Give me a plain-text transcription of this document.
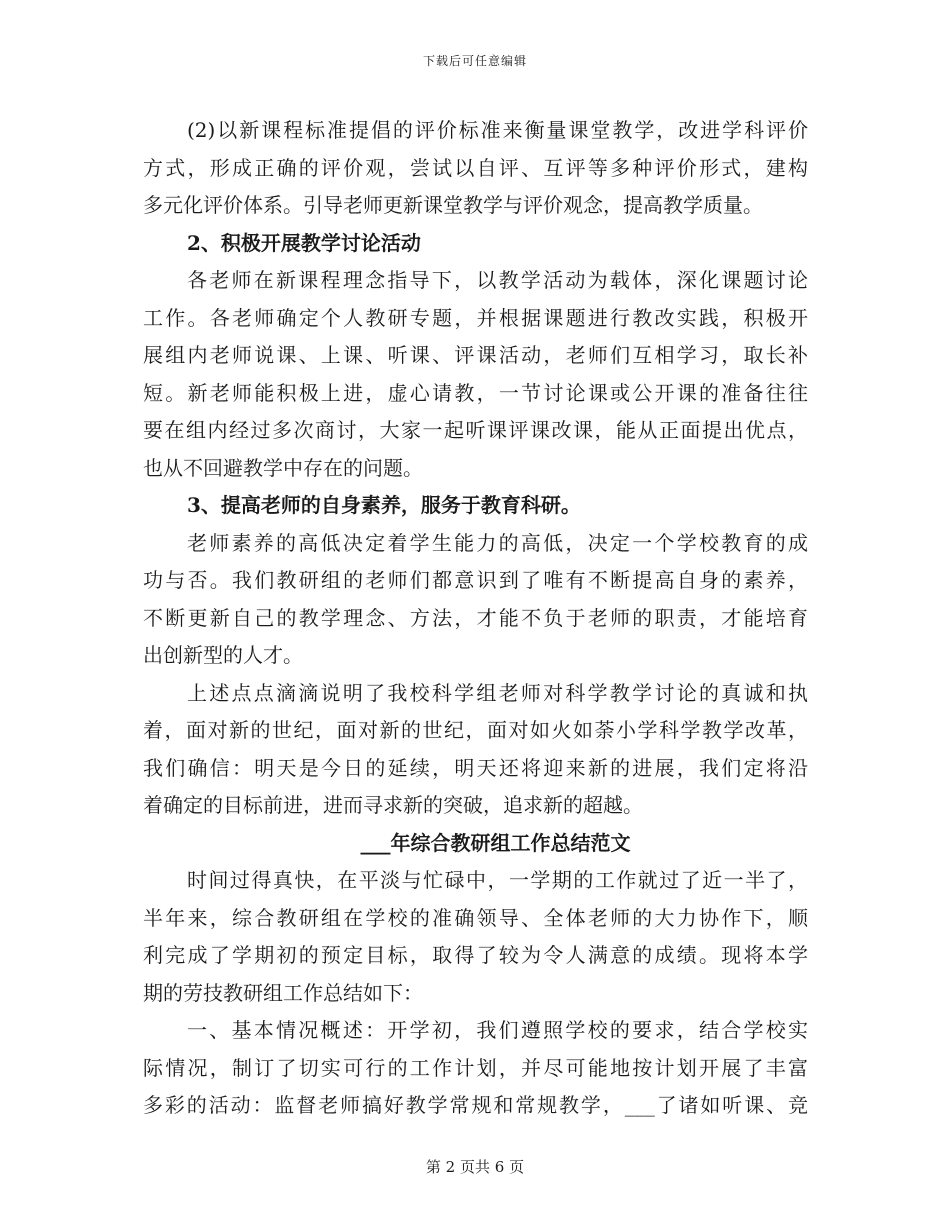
下载后可任意编辑
(2)以新课程标准提倡的评价标准来衡量课堂教学，改进学科评价
方式，形成正确的评价观，尝试以自评、互评等多种评价形式，建构
多元化评价体系。引导老师更新课堂教学与评价观念，提高教学质量。
2、积极开展教学讨论活动
各老师在新课程理念指导下，以教学活动为载体，深化课题讨论
工作。各老师确定个人教研专题，并根据课题进行教改实践，积极开
展组内老师说课、上课、听课、评课活动，老师们互相学习，取长补
短。新老师能积极上进，虚心请教，一节讨论课或公开课的准备往往
要在组内经过多次商讨，大家一起听课评课改课，能从正面提出优点，
也从不回避教学中存在的问题。
3、提高老师的自身素养，服务于教育科研。
老师素养的高低决定着学生能力的高低，决定一个学校教育的成
功与否。我们教研组的老师们都意识到了唯有不断提高自身的素养，
不断更新自己的教学理念、方法，才能不负于老师的职责，才能培育
出创新型的人才。
上述点点滴滴说明了我校科学组老师对科学教学讨论的真诚和执
着，面对新的世纪，面对新的世纪，面对如火如荼小学科学教学改革，
我们确信：明天是今日的延续，明天还将迎来新的进展，我们定将沿
着确定的目标前进，进而寻求新的突破，追求新的超越。
___年综合教研组工作总结范文
时间过得真快，在平淡与忙碌中，一学期的工作就过了近一半了，
半年来，综合教研组在学校的准确领导、全体老师的大力协作下，顺
利完成了学期初的预定目标，取得了较为令人满意的成绩。现将本学
期的劳技教研组工作总结如下：
一、基本情况概述：开学初，我们遵照学校的要求，结合学校实
际情况，制订了切实可行的工作计划，并尽可能地按计划开展了丰富
多彩的活动：监督老师搞好教学常规和常规教学，___了诸如听课、竞
第 2 页共 6 页
